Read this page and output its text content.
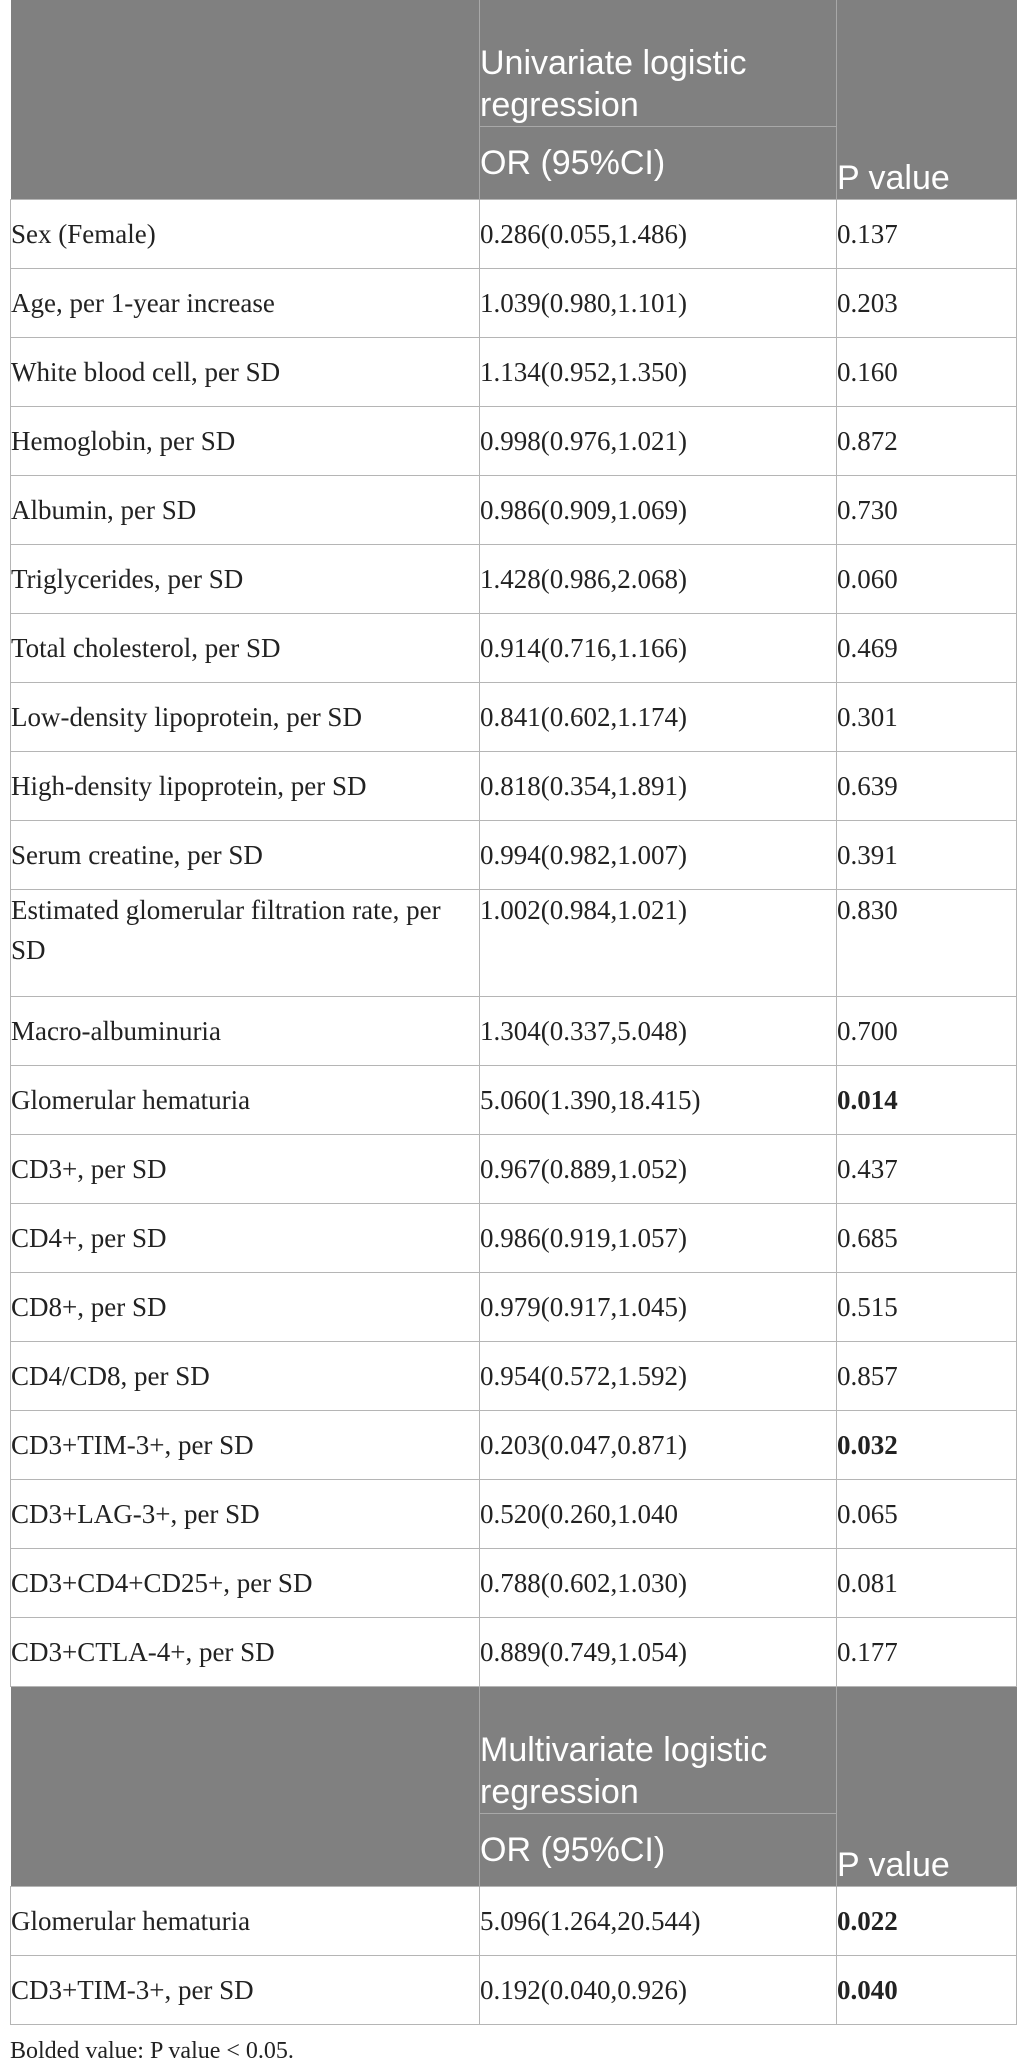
	Univariate logistic regression	P value
	OR (95%CI)	
Sex (Female)	0.286(0.055,1.486)	0.137
Age, per 1-year increase	1.039(0.980,1.101)	0.203
White blood cell, per SD	1.134(0.952,1.350)	0.160
Hemoglobin, per SD	0.998(0.976,1.021)	0.872
Albumin, per SD	0.986(0.909,1.069)	0.730
Triglycerides, per SD	1.428(0.986,2.068)	0.060
Total cholesterol, per SD	0.914(0.716,1.166)	0.469
Low-density lipoprotein, per SD	0.841(0.602,1.174)	0.301
High-density lipoprotein, per SD	0.818(0.354,1.891)	0.639
Serum creatine, per SD	0.994(0.982,1.007)	0.391
Estimated glomerular filtration rate, per SD	1.002(0.984,1.021)	0.830
Macro-albuminuria	1.304(0.337,5.048)	0.700
Glomerular hematuria	5.060(1.390,18.415)	0.014
CD3+, per SD	0.967(0.889,1.052)	0.437
CD4+, per SD	0.986(0.919,1.057)	0.685
CD8+, per SD	0.979(0.917,1.045)	0.515
CD4/CD8, per SD	0.954(0.572,1.592)	0.857
CD3+TIM-3+, per SD	0.203(0.047,0.871)	0.032
CD3+LAG-3+, per SD	0.520(0.260,1.040	0.065
CD3+CD4+CD25+, per SD	0.788(0.602,1.030)	0.081
CD3+CTLA-4+, per SD	0.889(0.749,1.054)	0.177
	Multivariate logistic regression	P value
	OR (95%CI)	
Glomerular hematuria	5.096(1.264,20.544)	0.022
CD3+TIM-3+, per SD	0.192(0.040,0.926)	0.040
Bolded value: P value < 0.05.
